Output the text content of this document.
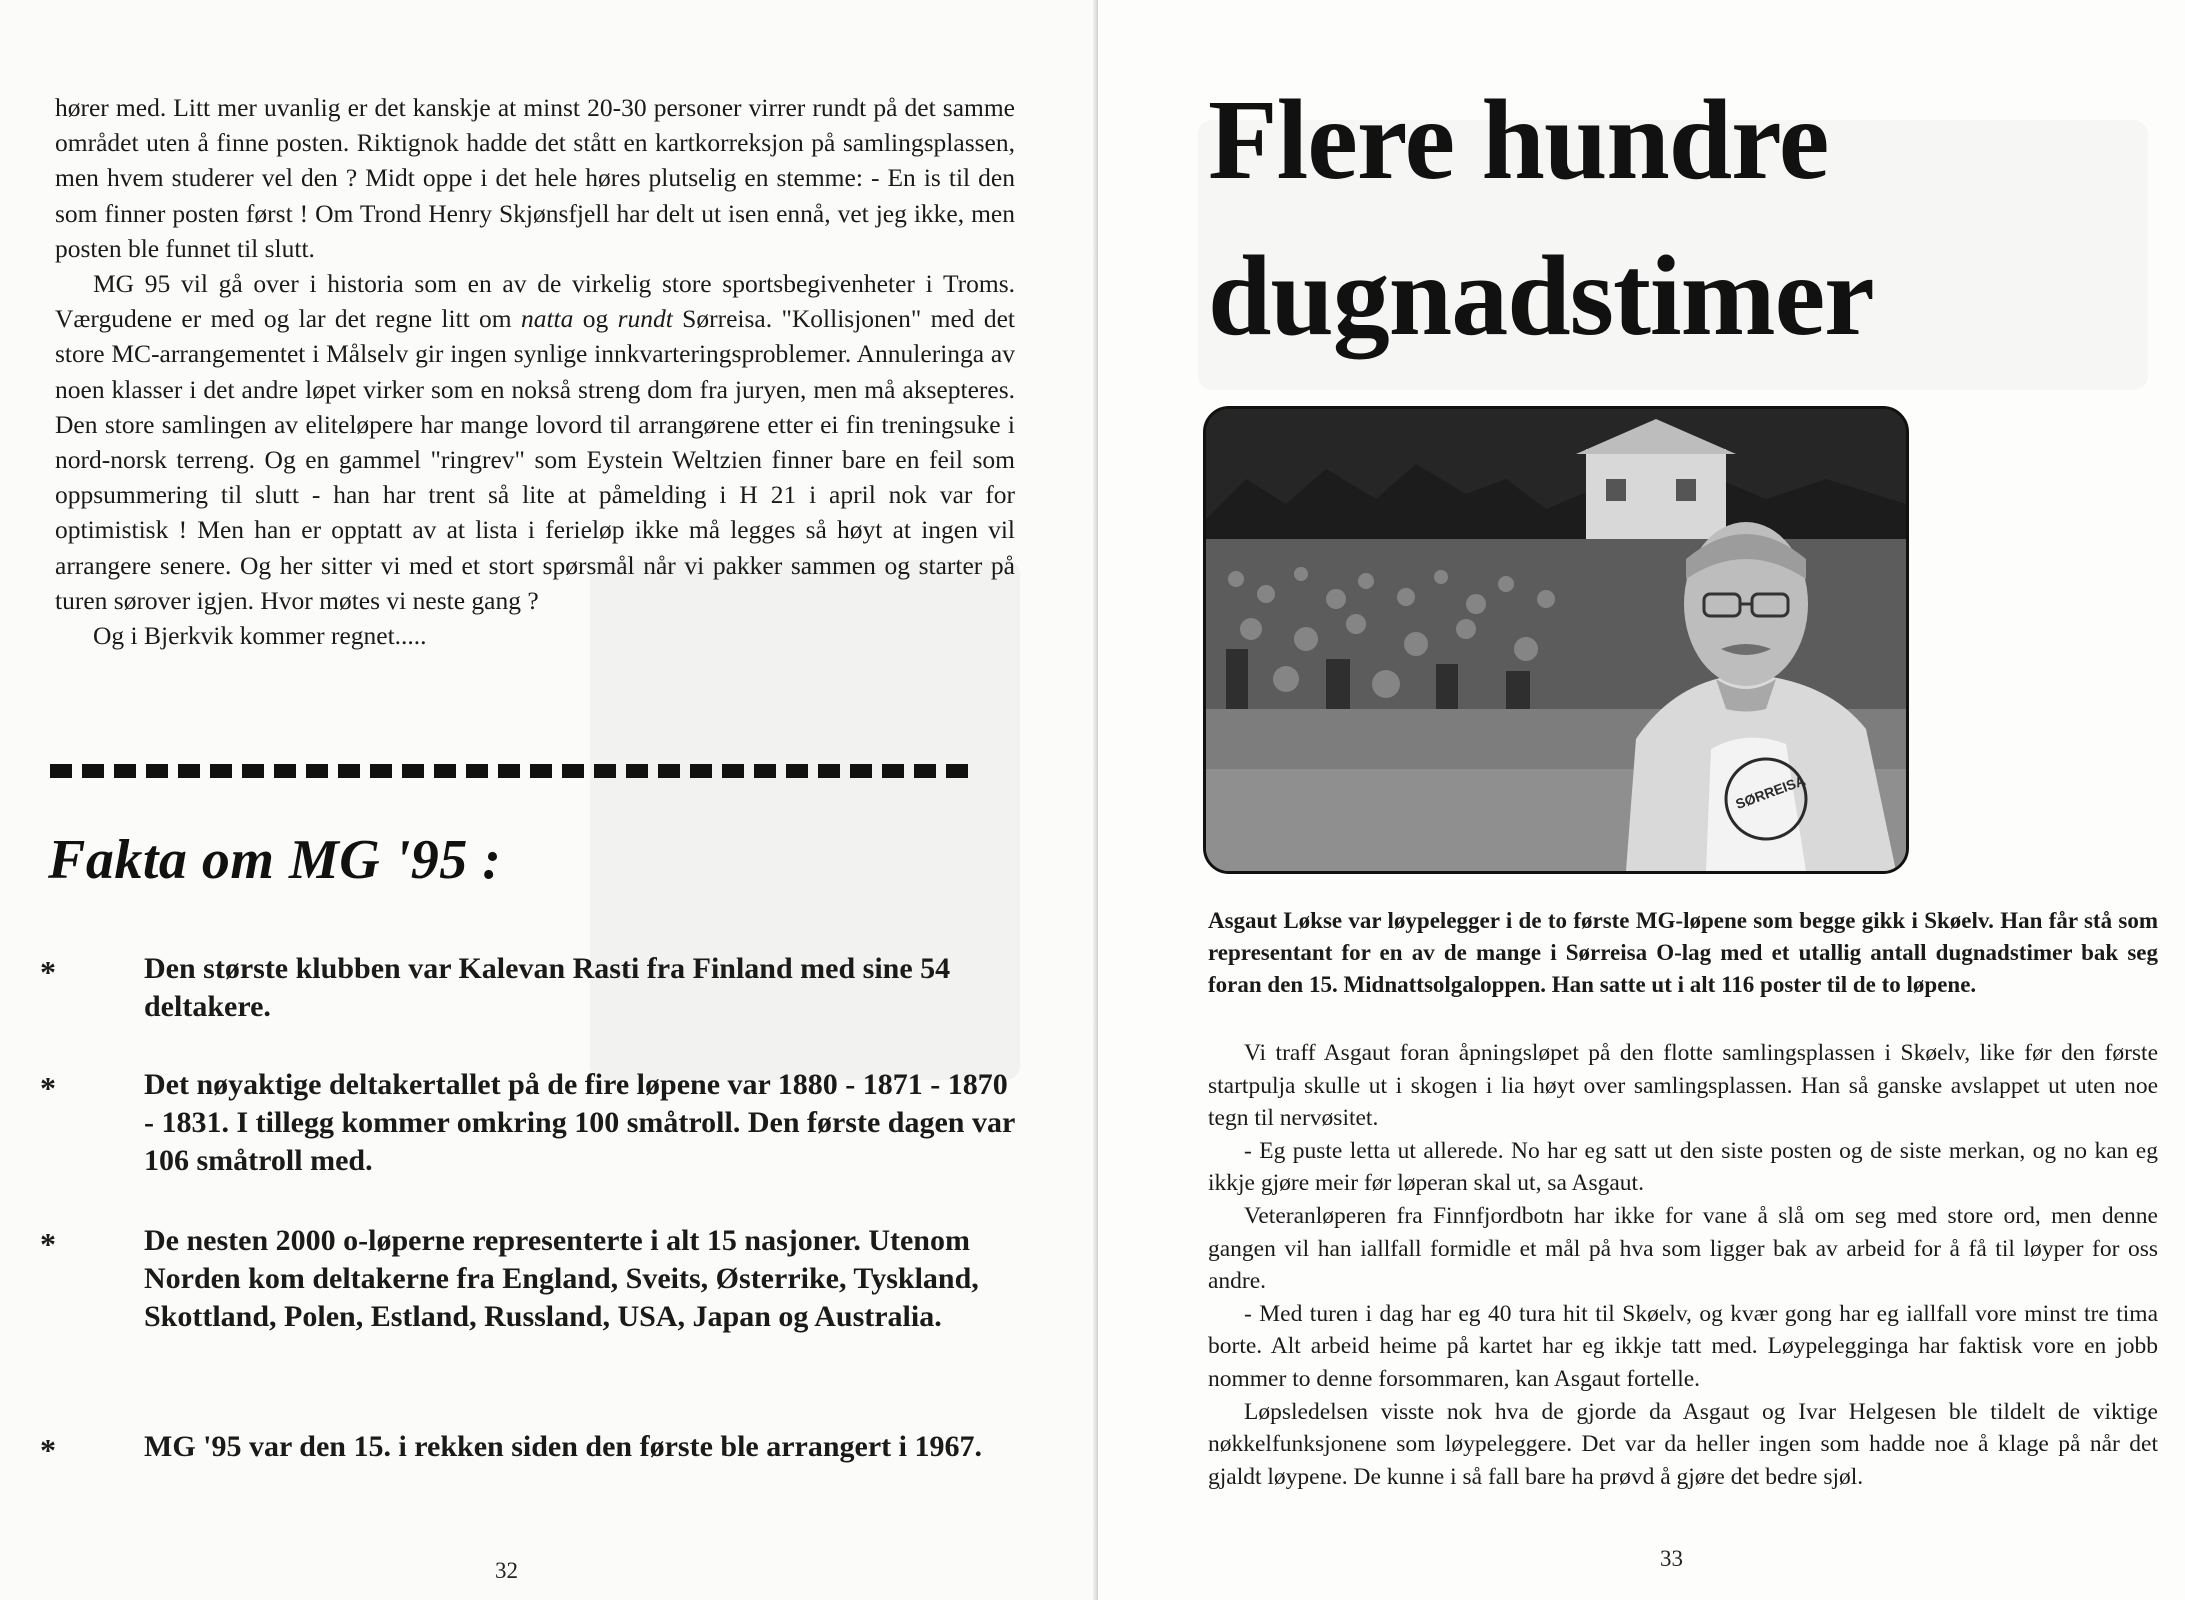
hører med. Litt mer uvanlig er det kanskje at minst 20-30 personer virrer rundt på det samme området uten å finne posten. Riktignok hadde det stått en kartkorreksjon på samlingsplassen, men hvem studerer vel den ? Midt oppe i det hele høres plutselig en stemme: - En is til den som finner posten først ! Om Trond Henry Skjønsfjell har delt ut isen ennå, vet jeg ikke, men posten ble funnet til slutt.

MG 95 vil gå over i historia som en av de virkelig store sportsbegivenheter i Troms. Værgudene er med og lar det regne litt om natta og rundt Sørreisa. "Kollisjonen" med det store MC-arrangementet i Målselv gir ingen synlige innkvarteringsproblemer. Annuleringa av noen klasser i det andre løpet virker som en nokså streng dom fra juryen, men må aksepteres. Den store samlingen av eliteløpere har mange lovord til arrangørene etter ei fin treningsuke i nord-norsk terreng. Og en gammel "ringrev" som Eystein Weltzien finner bare en feil som oppsummering til slutt - han har trent så lite at påmelding i H 21 i april nok var for optimistisk ! Men han er opptatt av at lista i ferieløp ikke må legges så høyt at ingen vil arrangere senere. Og her sitter vi med et stort spørsmål når vi pakker sammen og starter på turen sørover igjen. Hvor møtes vi neste gang ?

Og i Bjerkvik kommer regnet.....

Fakta om MG '95 :
*	Den største klubben var Kalevan Rasti fra Finland med sine 54 deltakere.
*	Det nøyaktige deltakertallet på de fire løpene var 1880 - 1871 - 1870 - 1831. I tillegg kommer omkring 100 småtroll. Den første dagen var 106 småtroll med.
*	De nesten 2000 o-løperne representerte i alt 15 nasjoner. Utenom Norden kom deltakerne fra England, Sveits, Østerrike, Tyskland, Skottland, Polen, Estland, Russland, USA, Japan og Australia.
*	MG '95 var den 15. i rekken siden den første ble arrangert i 1967.
32
Flere hundre
dugnadstimer
SØRREISA
Asgaut Løkse var løypelegger i de to første MG-løpene som begge gikk i Skøelv. Han får stå som representant for en av de mange i Sørreisa O-lag med et utallig antall dugnadstimer bak seg foran den 15. Midnattsolgaloppen. Han satte ut i alt 116 poster til de to løpene.

Vi traff Asgaut foran åpningsløpet på den flotte samlingsplassen i Skøelv, like før den første startpulja skulle ut i skogen i lia høyt over samlingsplassen. Han så ganske avslappet ut uten noe tegn til nervøsitet.

- Eg puste letta ut allerede. No har eg satt ut den siste posten og de siste merkan, og no kan eg ikkje gjøre meir før løperan skal ut, sa Asgaut.

Veteranløperen fra Finnfjordbotn har ikke for vane å slå om seg med store ord, men denne gangen vil han iallfall formidle et mål på hva som ligger bak av arbeid for å få til løyper for oss andre.

- Med turen i dag har eg 40 tura hit til Skøelv, og kvær gong har eg iallfall vore minst tre tima borte. Alt arbeid heime på kartet har eg ikkje tatt med. Løypelegginga har faktisk vore en jobb nommer to denne forsommaren, kan Asgaut fortelle.

Løpsledelsen visste nok hva de gjorde da Asgaut og Ivar Helgesen ble tildelt de viktige nøkkelfunksjonene som løypeleggere. Det var da heller ingen som hadde noe å klage på når det gjaldt løypene. De kunne i så fall bare ha prøvd å gjøre det bedre sjøl.

33
